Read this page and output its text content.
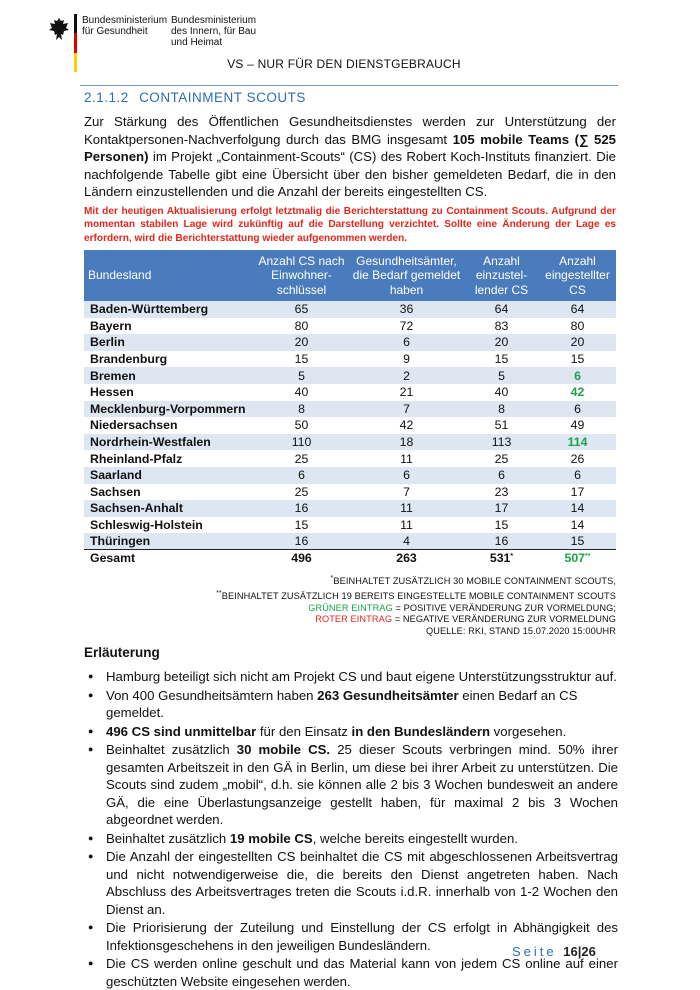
Bundesministerium für Gesundheit
Bundesministerium des Innern, für Bau und Heimat
VS – NUR FÜR DEN DIENSTGEBRAUCH
2.1.1.2 CONTAINMENT SCOUTS

Zur Stärkung des Öffentlichen Gesundheitsdienstes werden zur Unterstützung der Kontaktpersonen-Nachverfolgung durch das BMG insgesamt 105 mobile Teams (∑ 525 Personen) im Projekt „Containment-Scouts“ (CS) des Robert Koch-Instituts finanziert. Die nachfolgende Tabelle gibt eine Übersicht über den bisher gemeldeten Bedarf, die in den Ländern einzustellenden und die Anzahl der bereits eingestellten CS.

Mit der heutigen Aktualisierung erfolgt letztmalig die Berichterstattung zu Containment Scouts. Aufgrund der momentan stabilen Lage wird zukünftig auf die Darstellung verzichtet. Sollte eine Änderung der Lage es erfordern, wird die Berichterstattung wieder aufgenommen werden.

Bundesland	Anzahl CS nach Einwohner-schlüssel	Gesundheitsämter, die Bedarf gemeldet haben	Anzahl einzustel-lender CS	Anzahl eingestellter CS
Baden-Württemberg	65	36	64	64
Bayern	80	72	83	80
Berlin	20	6	20	20
Brandenburg	15	9	15	15
Bremen	5	2	5	6
Hessen	40	21	40	42
Mecklenburg-Vorpommern	8	7	8	6
Niedersachsen	50	42	51	49
Nordrhein-Westfalen	110	18	113	114
Rheinland-Pfalz	25	11	25	26
Saarland	6	6	6	6
Sachsen	25	7	23	17
Sachsen-Anhalt	16	11	17	14
Schleswig-Holstein	15	11	15	14
Thüringen	16	4	16	15
Gesamt	496	263	531*	507**
*BEINHALTET ZUSÄTZLICH 30 MOBILE CONTAINMENT SCOUTS,
**BEINHALTET ZUSÄTZLICH 19 BEREITS EINGESTELLTE MOBILE CONTAINMENT SCOUTS
GRÜNER EINTRAG = POSITIVE VERÄNDERUNG ZUR VORMELDUNG;
ROTER EINTRAG = NEGATIVE VERÄNDERUNG ZUR VORMELDUNG
QUELLE: RKI, STAND 15.07.2020 15:00UHR
Erläuterung
● Hamburg beteiligt sich nicht am Projekt CS und baut eigene Unterstützungsstruktur auf.
● Von 400 Gesundheitsämtern haben 263 Gesundheitsämter einen Bedarf an CS gemeldet.
● 496 CS sind unmittelbar für den Einsatz in den Bundesländern vorgesehen.
● Beinhaltet zusätzlich 30 mobile CS. 25 dieser Scouts verbringen mind. 50% ihrer gesamten Arbeitszeit in den GÄ in Berlin, um diese bei ihrer Arbeit zu unterstützen. Die Scouts sind zudem „mobil“, d.h. sie können alle 2 bis 3 Wochen bundesweit an andere GÄ, die eine Überlastungsanzeige gestellt haben, für maximal 2 bis 3 Wochen abgeordnet werden.
● Beinhaltet zusätzlich 19 mobile CS, welche bereits eingestellt wurden.
● Die Anzahl der eingestellten CS beinhaltet die CS mit abgeschlossenen Arbeitsvertrag und nicht notwendigerweise die, die bereits den Dienst angetreten haben. Nach Abschluss des Arbeitsvertrages treten die Scouts i.d.R. innerhalb von 1-2 Wochen den Dienst an.
● Die Priorisierung der Zuteilung und Einstellung der CS erfolgt in Abhängigkeit des Infektionsgeschehens in den jeweiligen Bundesländern.
● Die CS werden online geschult und das Material kann von jedem CS online auf einer geschützten Website eingesehen werden.
Seite 16|26
